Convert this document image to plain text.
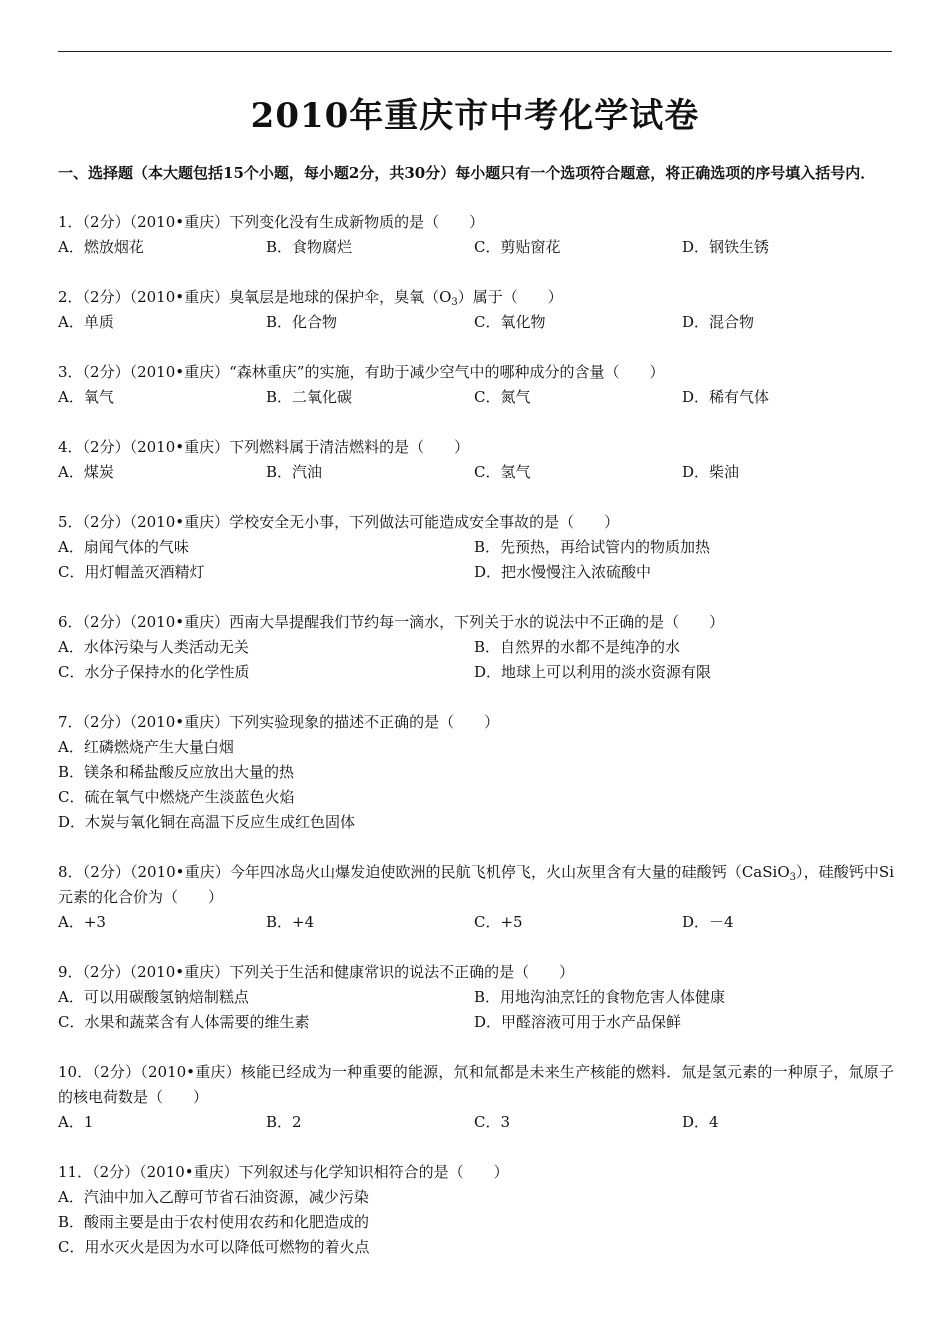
2010年重庆市中考化学试卷
一、选择题（本大题包括15个小题，每小题2分，共30分）每小题只有一个选项符合题意，将正确选项的序号填入括号内．
1．（2分）（2010•重庆）下列变化没有生成新物质的是（　　）
A．燃放烟花	B．食物腐烂	C．剪贴窗花	D．钢铁生锈
2．（2分）（2010•重庆）臭氧层是地球的保护伞，臭氧$(O_3)$属于（　　）
A．单质	B．化合物	C．氧化物	D．混合物
3．（2分）（2010•重庆）“森林重庆”的实施，有助于减少空气中的哪种成分的含量（　　）
A．氧气	B．二氧化碳	C．氮气	D．稀有气体
4．（2分）（2010•重庆）下列燃料属于清洁燃料的是（　　）
A．煤炭	B．汽油	C．氢气	D．柴油
5．（2分）（2010•重庆）学校安全无小事，下列做法可能造成安全事故的是（　　）
A．扇闻气体的气味	B．先预热，再给试管内的物质加热
C．用灯帽盖灭酒精灯	D．把水慢慢注入浓硫酸中
6．（2分）（2010•重庆）西南大旱提醒我们节约每一滴水，下列关于水的说法中不正确的是（　　）
A．水体污染与人类活动无关	B．自然界的水都不是纯净的水
C．水分子保持水的化学性质	D．地球上可以利用的淡水资源有限
7．（2分）（2010•重庆）下列实验现象的描述不正确的是（　　）
A．红磷燃烧产生大量白烟
B．镁条和稀盐酸反应放出大量的热
C．硫在氧气中燃烧产生淡蓝色火焰
D．木炭与氧化铜在高温下反应生成红色固体
8．（2分）（2010•重庆）今年四冰岛火山爆发迫使欧洲的民航飞机停飞，火山灰里含有大量的硅酸钙（CaSiO$_3$），硅酸钙中Si元素的化合价为（　　）
A．+3	B．+4	C．+5	D．－4
9．（2分）（2010•重庆）下列关于生活和健康常识的说法不正确的是（　　）
A．可以用碳酸氢钠焙制糕点	B．用地沟油烹饪的食物危害人体健康
C．水果和蔬菜含有人体需要的维生素	D．甲醛溶液可用于水产品保鲜
10．（2分）（2010•重庆）核能已经成为一种重要的能源，氘和氚都是未来生产核能的燃料．氚是氢元素的一种原子，氚原子的核电荷数是（　　）
A．1	B．2	C．3	D．4
11．（2分）（2010•重庆）下列叙述与化学知识相符合的是（　　）
A．汽油中加入乙醇可节省石油资源，减少污染
B．酸雨主要是由于农村使用农药和化肥造成的
C．用水灭火是因为水可以降低可燃物的着火点
